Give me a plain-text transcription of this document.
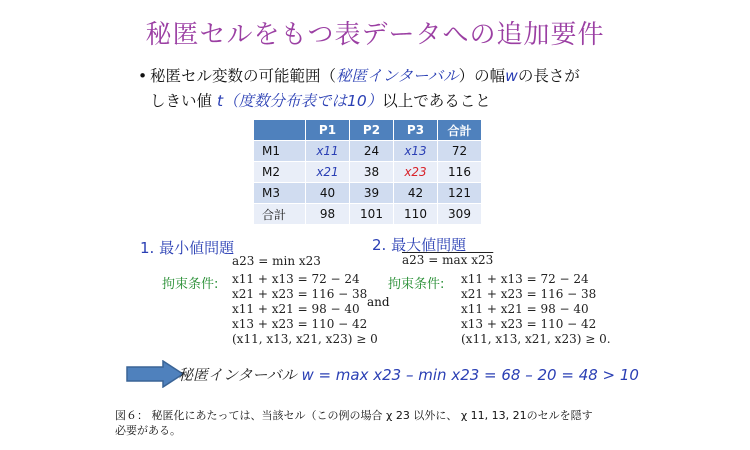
秘匿セルをもつ表データへの追加要件
• 秘匿セル変数の可能範囲（秘匿インターバル）の幅wの長さが
しきい値 t（度数分布表では10）以上であること
	P1	P2	P3	合計
M1	x11	24	x13	72
M2	x21	38	x23	116
M3	40	39	42	121
合計	98	101	110	309
1. 最小値問題
a23 = min x23
拘束条件: x11 + x13 = 72 − 24
x21 + x23 = 116 − 38
x11 + x21 = 98 − 40
x13 + x23 = 110 − 42
(x11, x13, x21, x23) ≥ 0
and
2. 最大値問題
a23 = max x23
拘束条件: x11 + x13 = 72 − 24
x21 + x23 = 116 − 38
x11 + x21 = 98 − 40
x13 + x23 = 110 − 42
(x11, x13, x21, x23) ≥ 0.
秘匿インターバル w = max x23 – min x23 = 68 – 20 = 48 > 10
図６： 秘匿化にあたっては、当該セル（この例の場合 χ 23 以外に、 χ 11, 13, 21のセルを隠す
必要がある。
